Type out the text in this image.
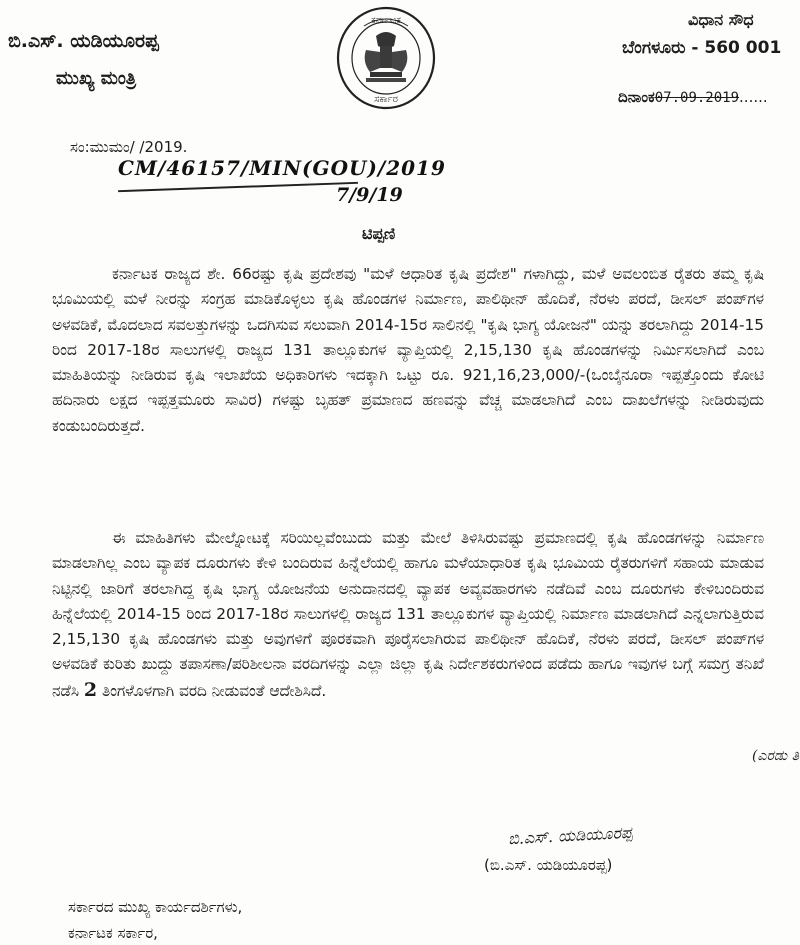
ಬಿ.ಎಸ್. ಯಡಿಯೂರಪ್ಪ
ಮುಖ್ಯ ಮಂತ್ರಿ
ಕರ್ನಾಟಕ
ಸರ್ಕಾರ
ವಿಧಾನ ಸೌಧ
ಬೆಂಗಳೂರು - 560 001
ದಿನಾಂಕ07.09.2019......
ಸಂ:ಮುಮಂ/ /2019.
CM/46157/MIN(GOU)/2019
7/9/19
ಟಿಪ್ಪಣಿ
ಕರ್ನಾಟಕ ರಾಜ್ಯದ ಶೇ. 66ರಷ್ಟು ಕೃಷಿ ಪ್ರದೇಶವು "ಮಳೆ ಆಧಾರಿತ ಕೃಷಿ ಪ್ರದೇಶ" ಗಳಾಗಿದ್ದು, ಮಳೆ ಅವಲಂಬಿತ ರೈತರು ತಮ್ಮ ಕೃಷಿ ಭೂಮಿಯಲ್ಲಿ ಮಳೆ ನೀರನ್ನು ಸಂಗ್ರಹ ಮಾಡಿಕೊಳ್ಳಲು ಕೃಷಿ ಹೊಂಡಗಳ ನಿರ್ಮಾಣ, ಪಾಲಿಥೀನ್ ಹೊದಿಕೆ, ನೆರಳು ಪರದೆ, ಡೀಸಲ್ ಪಂಪ್‌ಗಳ ಅಳವಡಿಕೆ, ಮೊದಲಾದ ಸವಲತ್ತುಗಳನ್ನು ಒದಗಿಸುವ ಸಲುವಾಗಿ 2014-15ರ ಸಾಲಿನಲ್ಲಿ "ಕೃಷಿ ಭಾಗ್ಯ ಯೋಜನೆ" ಯನ್ನು ತರಲಾಗಿದ್ದು 2014-15 ರಿಂದ 2017-18ರ ಸಾಲುಗಳಲ್ಲಿ ರಾಜ್ಯದ 131 ತಾಲ್ಲೂಕುಗಳ ವ್ಯಾಪ್ತಿಯಲ್ಲಿ 2,15,130 ಕೃಷಿ ಹೊಂಡಗಳನ್ನು ನಿರ್ಮಿಸಲಾಗಿದೆ ಎಂಬ ಮಾಹಿತಿಯನ್ನು ನೀಡಿರುವ ಕೃಷಿ ಇಲಾಖೆಯ ಅಧಿಕಾರಿಗಳು ಇದಕ್ಕಾಗಿ ಒಟ್ಟು ರೂ. 921,16,23,000/-(ಒಂಬೈನೂರಾ ಇಪ್ಪತ್ತೊಂದು ಕೋಟಿ ಹದಿನಾರು ಲಕ್ಷದ ಇಪ್ಪತ್ತಮೂರು ಸಾವಿರ) ಗಳಷ್ಟು ಬೃಹತ್ ಪ್ರಮಾಣದ ಹಣವನ್ನು ವೆಚ್ಚ ಮಾಡಲಾಗಿದೆ ಎಂಬ ದಾಖಲೆಗಳನ್ನು ನೀಡಿರುವುದು ಕಂಡುಬಂದಿರುತ್ತದೆ.
ಈ ಮಾಹಿತಿಗಳು ಮೇಲ್ನೋಟಕ್ಕೆ ಸರಿಯಿಲ್ಲವೆಂಬುದು ಮತ್ತು ಮೇಲೆ ತಿಳಿಸಿರುವಷ್ಟು ಪ್ರಮಾಣದಲ್ಲಿ ಕೃಷಿ ಹೊಂಡಗಳನ್ನು ನಿರ್ಮಾಣ ಮಾಡಲಾಗಿಲ್ಲ ಎಂಬ ವ್ಯಾಪಕ ದೂರುಗಳು ಕೇಳಿ ಬಂದಿರುವ ಹಿನ್ನೆಲೆಯಲ್ಲಿ ಹಾಗೂ ಮಳೆಯಾಧಾರಿತ ಕೃಷಿ ಭೂಮಿಯ ರೈತರುಗಳಿಗೆ ಸಹಾಯ ಮಾಡುವ ನಿಟ್ಟಿನಲ್ಲಿ ಜಾರಿಗೆ ತರಲಾಗಿದ್ದ ಕೃಷಿ ಭಾಗ್ಯ ಯೋಜನೆಯ ಅನುದಾನದಲ್ಲಿ ವ್ಯಾಪಕ ಅವ್ಯವಹಾರಗಳು ನಡೆದಿವೆ ಎಂಬ ದೂರುಗಳು ಕೇಳಿಬಂದಿರುವ ಹಿನ್ನೆಲೆಯಲ್ಲಿ 2014-15 ರಿಂದ 2017-18ರ ಸಾಲುಗಳಲ್ಲಿ ರಾಜ್ಯದ 131 ತಾಲ್ಲೂಕುಗಳ ವ್ಯಾಪ್ತಿಯಲ್ಲಿ ನಿರ್ಮಾಣ ಮಾಡಲಾಗಿದೆ ಎನ್ನಲಾಗುತ್ತಿರುವ 2,15,130 ಕೃಷಿ ಹೊಂಡಗಳು ಮತ್ತು ಅವುಗಳಿಗೆ ಪೂರಕವಾಗಿ ಪೂರೈಸಲಾಗಿರುವ ಪಾಲಿಥೀನ್ ಹೊದಿಕೆ, ನೆರಳು ಪರದೆ, ಡೀಸಲ್ ಪಂಪ್‌ಗಳ ಅಳವಡಿಕೆ ಕುರಿತು ಖುದ್ದು ತಪಾಸಣಾ/ಪರಿಶೀಲನಾ ವರದಿಗಳನ್ನು ಎಲ್ಲಾ ಜಿಲ್ಲಾ ಕೃಷಿ ನಿರ್ದೇಶಕರುಗಳಿಂದ ಪಡೆದು ಹಾಗೂ ಇವುಗಳ ಬಗ್ಗೆ ಸಮಗ್ರ ತನಿಖೆ ನಡೆಸಿ 2 ತಿಂಗಳೊಳಗಾಗಿ ವರದಿ ನೀಡುವಂತೆ ಆದೇಶಿಸಿದೆ.
(ಎರಡು ತಿ
ಬಿ.ಎಸ್. ಯಡಿಯೂರಪ್ಪ
(ಬಿ.ಎಸ್. ಯಡಿಯೂರಪ್ಪ)
ಸರ್ಕಾರದ ಮುಖ್ಯ ಕಾರ್ಯದರ್ಶಿಗಳು,
ಕರ್ನಾಟಕ ಸರ್ಕಾರ,
